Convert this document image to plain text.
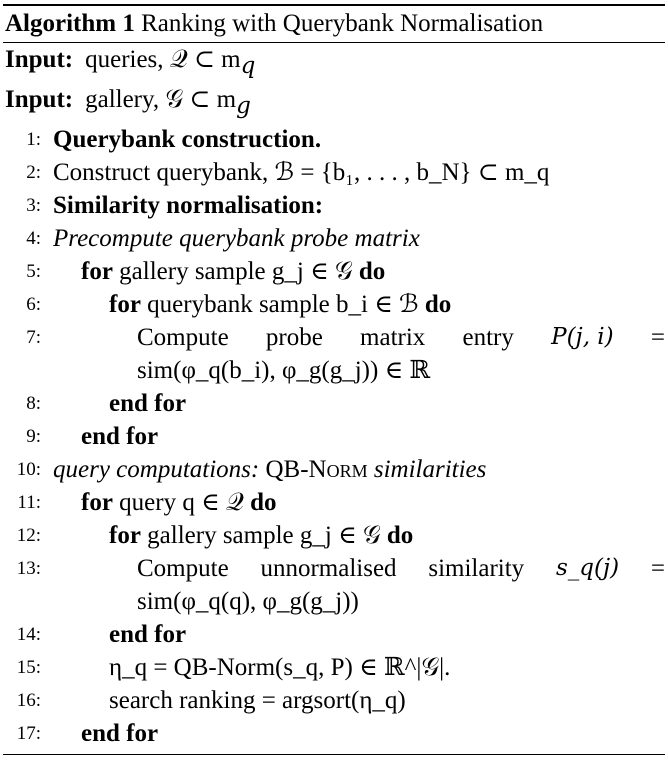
Algorithm 1 Ranking with Querybank Normalisation
Input: queries, 𝒬 ⊂ $m_q$
Input: gallery, 𝒢 ⊂ $m_g$
1: Querybank construction.
2: Construct querybank, ℬ = {b₁, . . . , b_N} ⊂ m_q
3: Similarity normalisation:
4: Precompute querybank probe matrix
5: for gallery sample g_j ∈ 𝒢 do
6:	for querybank sample b_i ∈ ℬ do
7:	Compute probe matrix entry P(j, i) =
sim(φ_q(b_i), φ_g(g_j)) ∈ ℝ
8:	end for
9: end for
10: query computations: QB-Norm similarities
11: for query q ∈ 𝒬 do
12:	for gallery sample g_j ∈ 𝒢 do
13:	Compute unnormalised similarity s_q(j) =
sim(φ_q(q), φ_g(g_j))
14:	end for
15:	η_q = QB-Norm(s_q, P) ∈ ℝ^|𝒢|.
16:	search ranking = argsort(η_q)
17: end for
